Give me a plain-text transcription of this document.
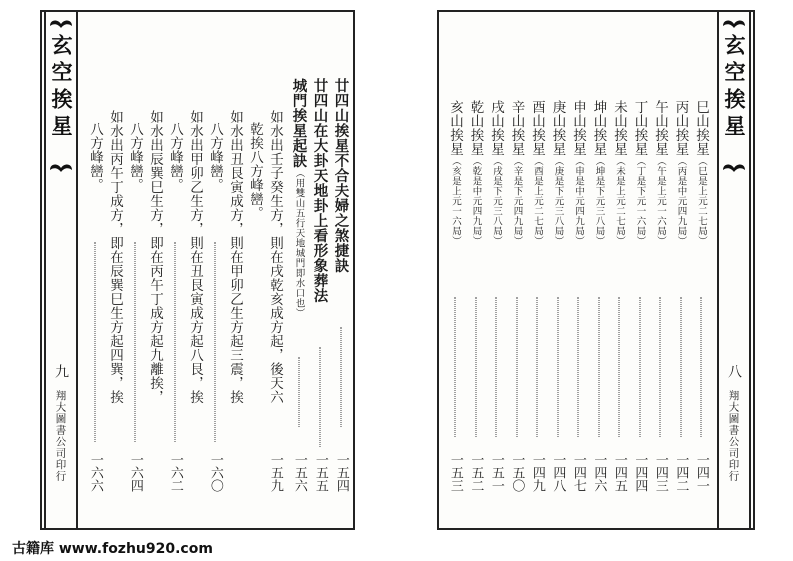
玄空挨星
九
翔大圖書公司印行
廿四山挨星不合夫婦之煞捷訣
一五四
廿四山在大卦天地卦上看形象葬法
一五五
城門挨星起訣（用雙山五行天地城門即水口也）
一五六
如水出壬子癸生方，則在戌乾亥成方起，後天六
一五九
乾挨八方峰巒。
如水出丑艮寅成方，則在甲卯乙生方起三震，挨
八方峰巒。
一六〇
如水出甲卯乙生方，則在丑艮寅成方起八艮，挨
八方峰巒。
一六二
如水出辰巽巳生方，即在丙午丁成方起九離挨，
八方峰巒。
一六四
如水出丙午丁成方，即在辰巽巳生方起四巽，挨
八方峰巒。
一六六
巳山挨星（巳是上元二七局）
一四一
丙山挨星（丙是中元四九局）
一四二
午山挨星（午是上元一六局）
一四三
丁山挨星（丁是下元一六局）
一四四
未山挨星（未是上元二七局）
一四五
坤山挨星（坤是下元三八局）
一四六
申山挨星（申是中元四九局）
一四七
庚山挨星（庚是下元三八局）
一四八
酉山挨星（酉是上元二七局）
一四九
辛山挨星（辛是下元四九局）
一五〇
戌山挨星（戌是下元三八局）
一五一
乾山挨星（乾是中元四九局）
一五二
亥山挨星（亥是上元一六局）
一五三
玄空挨星
八
翔大圖書公司印行
古籍库 www.fozhu920.com
